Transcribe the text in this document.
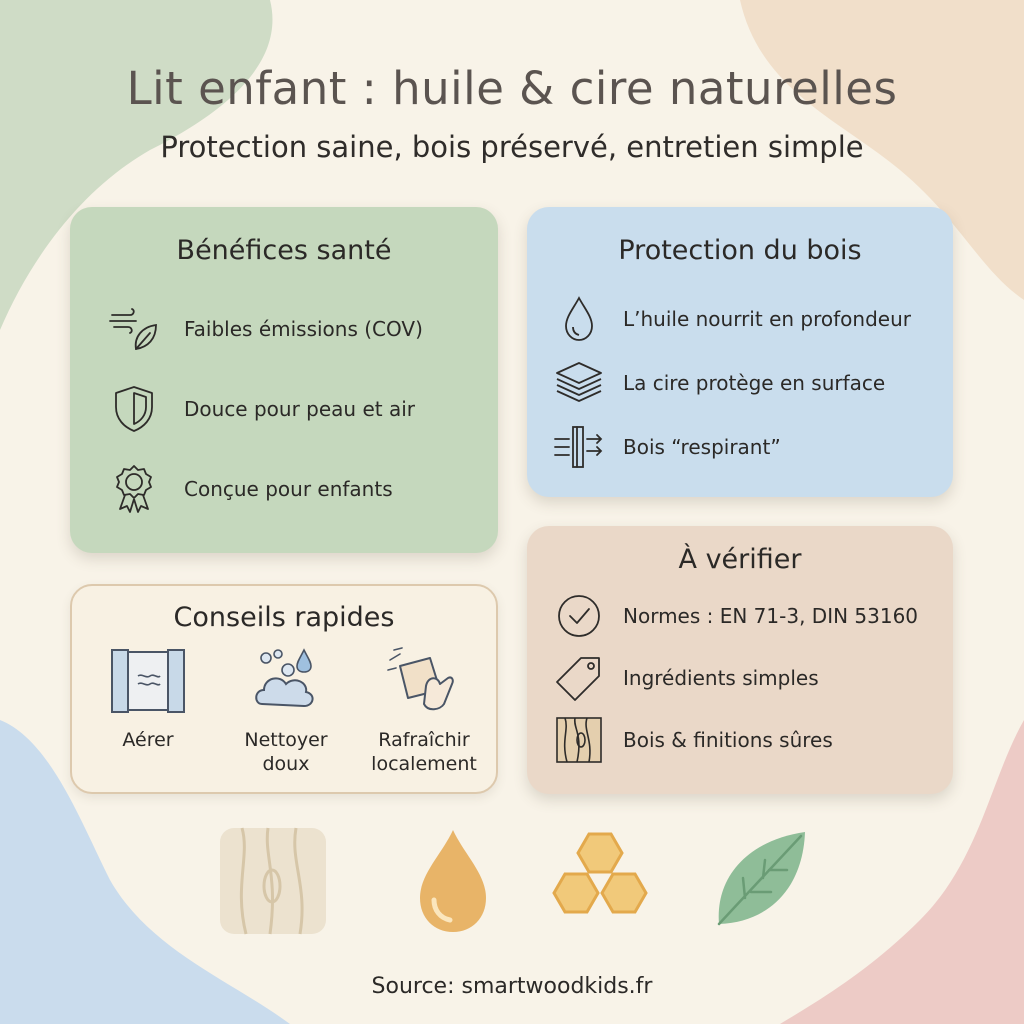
Lit enfant : huile & cire naturelles
Protection saine, bois préservé, entretien simple
Bénéfices santé
Faibles émissions (COV)
Douce pour peau et air
Conçue pour enfants
Protection du bois
L’huile nourrit en profondeur
La cire protège en surface
Bois “respirant”
Conseils rapides
Aérer	Nettoyer doux
Rafraîchir localement
À vérifier
Normes : EN 71-3, DIN 53160
Ingrédients simples
Bois & finitions sûres
Source: smartwoodkids.fr
